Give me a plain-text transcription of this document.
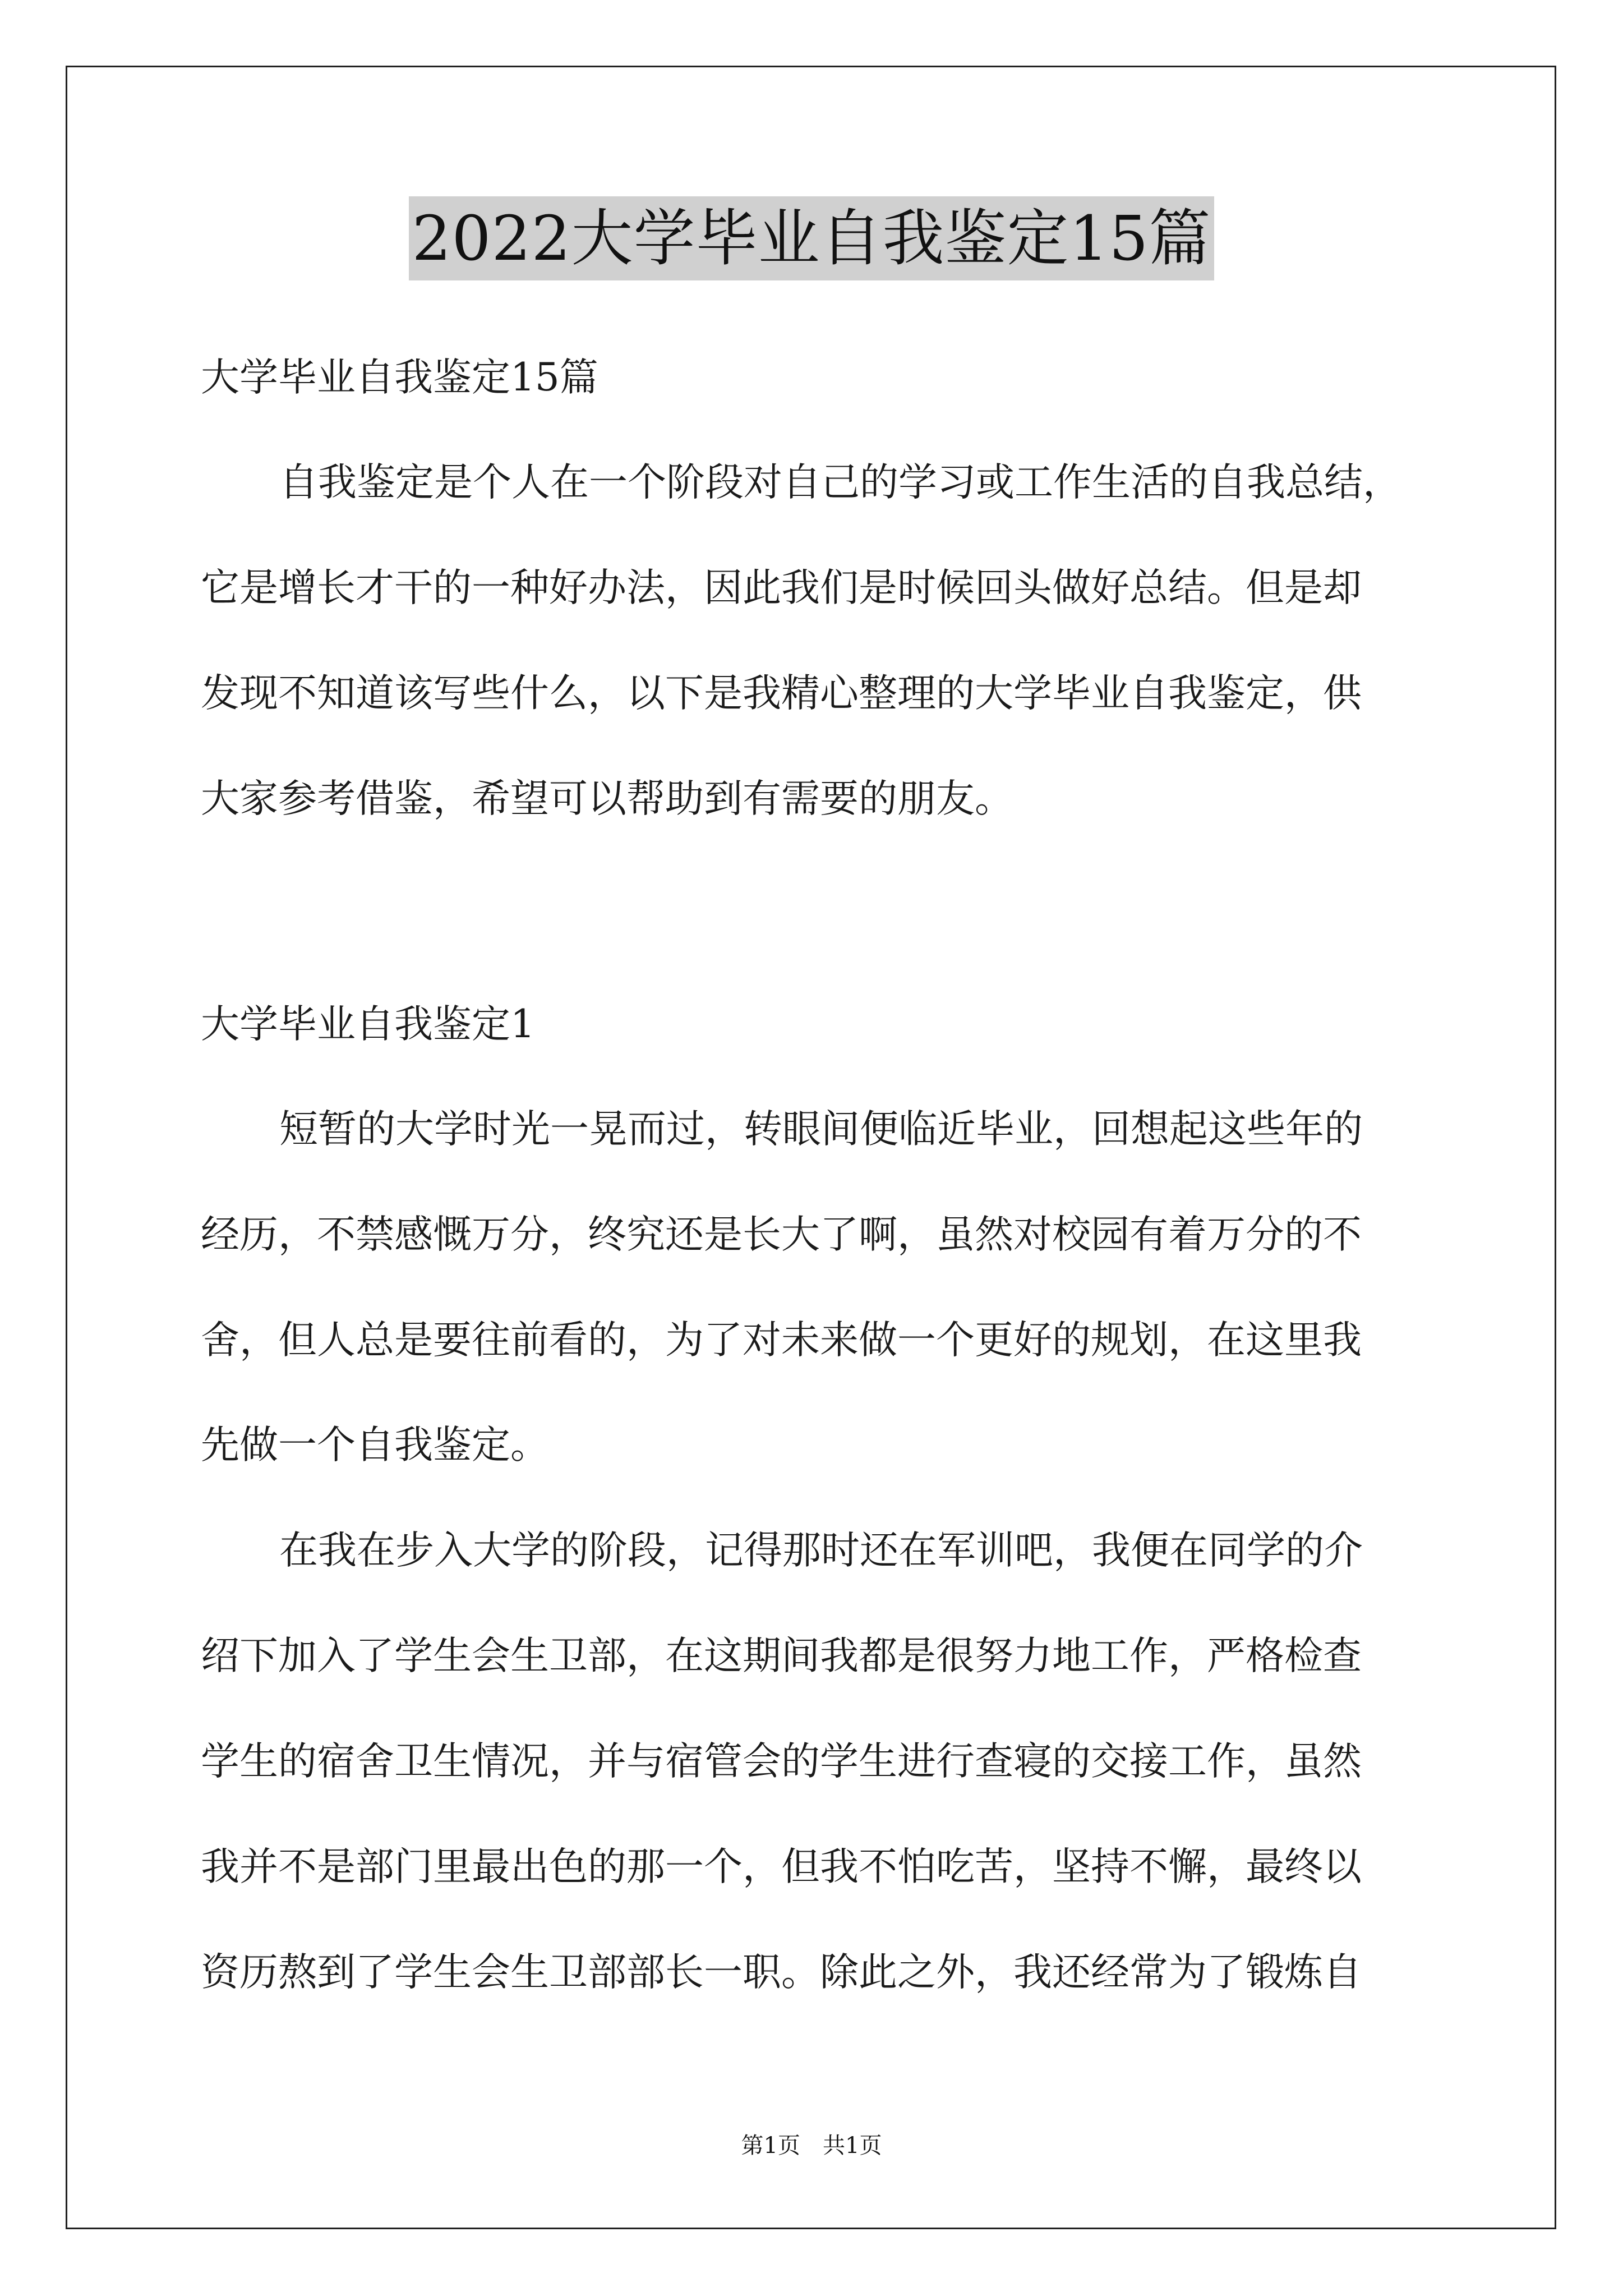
2022大学毕业自我鉴定15篇
大学毕业自我鉴定15篇
自我鉴定是个人在一个阶段对自己的学习或工作生活的自我总结，
它是增长才干的一种好办法，因此我们是时候回头做好总结。但是却
发现不知道该写些什么，以下是我精心整理的大学毕业自我鉴定，供
大家参考借鉴，希望可以帮助到有需要的朋友。
大学毕业自我鉴定1
短暂的大学时光一晃而过，转眼间便临近毕业，回想起这些年的
经历，不禁感慨万分，终究还是长大了啊，虽然对校园有着万分的不
舍，但人总是要往前看的，为了对未来做一个更好的规划，在这里我
先做一个自我鉴定。
在我在步入大学的阶段，记得那时还在军训吧，我便在同学的介
绍下加入了学生会生卫部，在这期间我都是很努力地工作，严格检查
学生的宿舍卫生情况，并与宿管会的学生进行查寝的交接工作，虽然
我并不是部门里最出色的那一个，但我不怕吃苦，坚持不懈，最终以
资历熬到了学生会生卫部部长一职。除此之外，我还经常为了锻炼自
第1页　共1页
